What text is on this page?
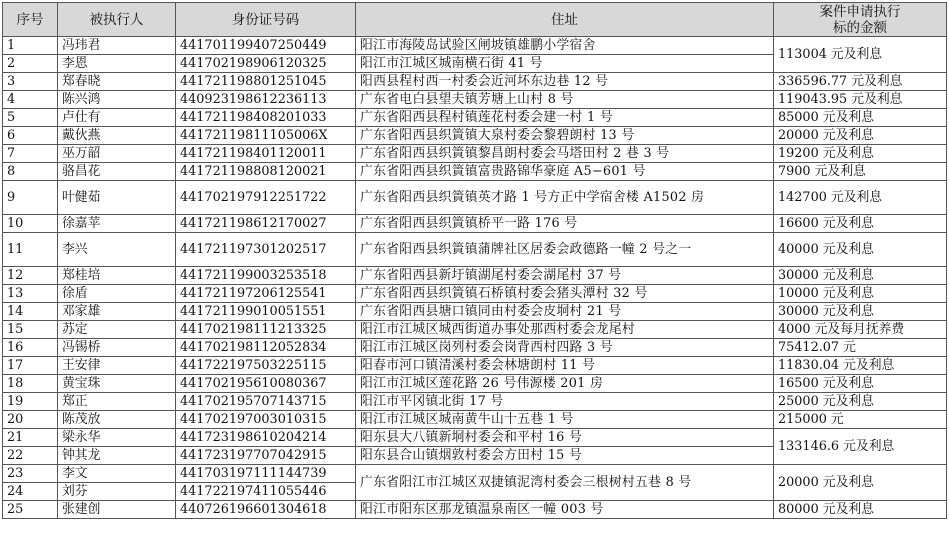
序号	被执行人	身份证号码	住址	案件申请执行
标的金额
1	冯玮君	441701199407250449	阳江市海陵岛试验区闸坡镇雄鹏小学宿舍	113004 元及利息
2	李恩	441702198906120325	阳江市江城区城南横石街 41 号	
3	郑春晓	441721198801251045	阳西县程村西一村委会近河坏东边巷 12 号	336596.77 元及利息
4	陈兴鸿	440923198612236113	广东省电白县望夫镇芳塘上山村 8 号	119043.95 元及利息
5	卢仕有	441721198408201033	广东省阳西县程村镇莲花村委会建一村 1 号	85000 元及利息
6	戴伙燕	44172119811105006X	广东省阳西县织篢镇大泉村委会黎碧朗村 13 号	20000 元及利息
7	巫万韶	441721198401120011	广东省阳西县织篢镇黎昌朗村委会马塔田村 2 巷 3 号	19200 元及利息
8	骆昌花	441721198808120021	广东省阳西县织篢镇富贵路锦华豪庭 A5−601 号	7900 元及利息
9	叶健茹	441702197912251722	广东省阳西县织篢镇英才路 1 号方正中学宿舍楼 A1502 房	142700 元及利息
10	徐嘉苹	441721198612170027	广东省阳西县织篢镇桥平一路 176 号	16600 元及利息
11	李兴	441721197301202517	广东省阳西县织篢镇蒲牌社区居委会政德路一幢 2 号之一	40000 元及利息
12	郑桂培	441721199003253518	广东省阳西县新圩镇湖尾村委会湖尾村 37 号	30000 元及利息
13	徐盾	441721197206125541	广东省阳西县织篢镇石桥镇村委会猪头潭村 32 号	10000 元及利息
14	邓家雄	441721199010051551	广东省阳西县塘口镇同由村委会皮垌村 21 号	30000 元及利息
15	苏定	441702198111213325	阳江市江城区城西街道办事处那西村委会龙尾村	4000 元及每月抚养费
16	冯锡桥	441702198112052834	阳江市江城区岗列村委会岗背西村四路 3 号	75412.07 元
17	王安律	441722197503225115	阳春市河口镇清溪村委会林塘朗村 11 号	11830.04 元及利息
18	黄宝珠	441702195610080367	阳江市江城区莲花路 26 号伟源楼 201 房	16500 元及利息
19	郑正	441702195707143715	阳江市平冈镇北街 17 号	25000 元及利息
20	陈茂放	441702197003010315	阳江市江城区城南黄牛山十五巷 1 号	215000 元
21	梁永华	441723198610204214	阳东县大八镇新垌村委会和平村 16 号	133146.6 元及利息
22	钟其龙	441723197707042915	阳东县合山镇烟敦村委会方田村 15 号	
23	李文	441703197111144739	广东省阳江市江城区双捷镇泥湾村委会三根树村五巷 8 号	20000 元及利息
24	刘芬	441722197411055446		
25	张建创	440726196601304618	阳江市阳东区那龙镇温泉南区一幢 003 号	80000 元及利息
